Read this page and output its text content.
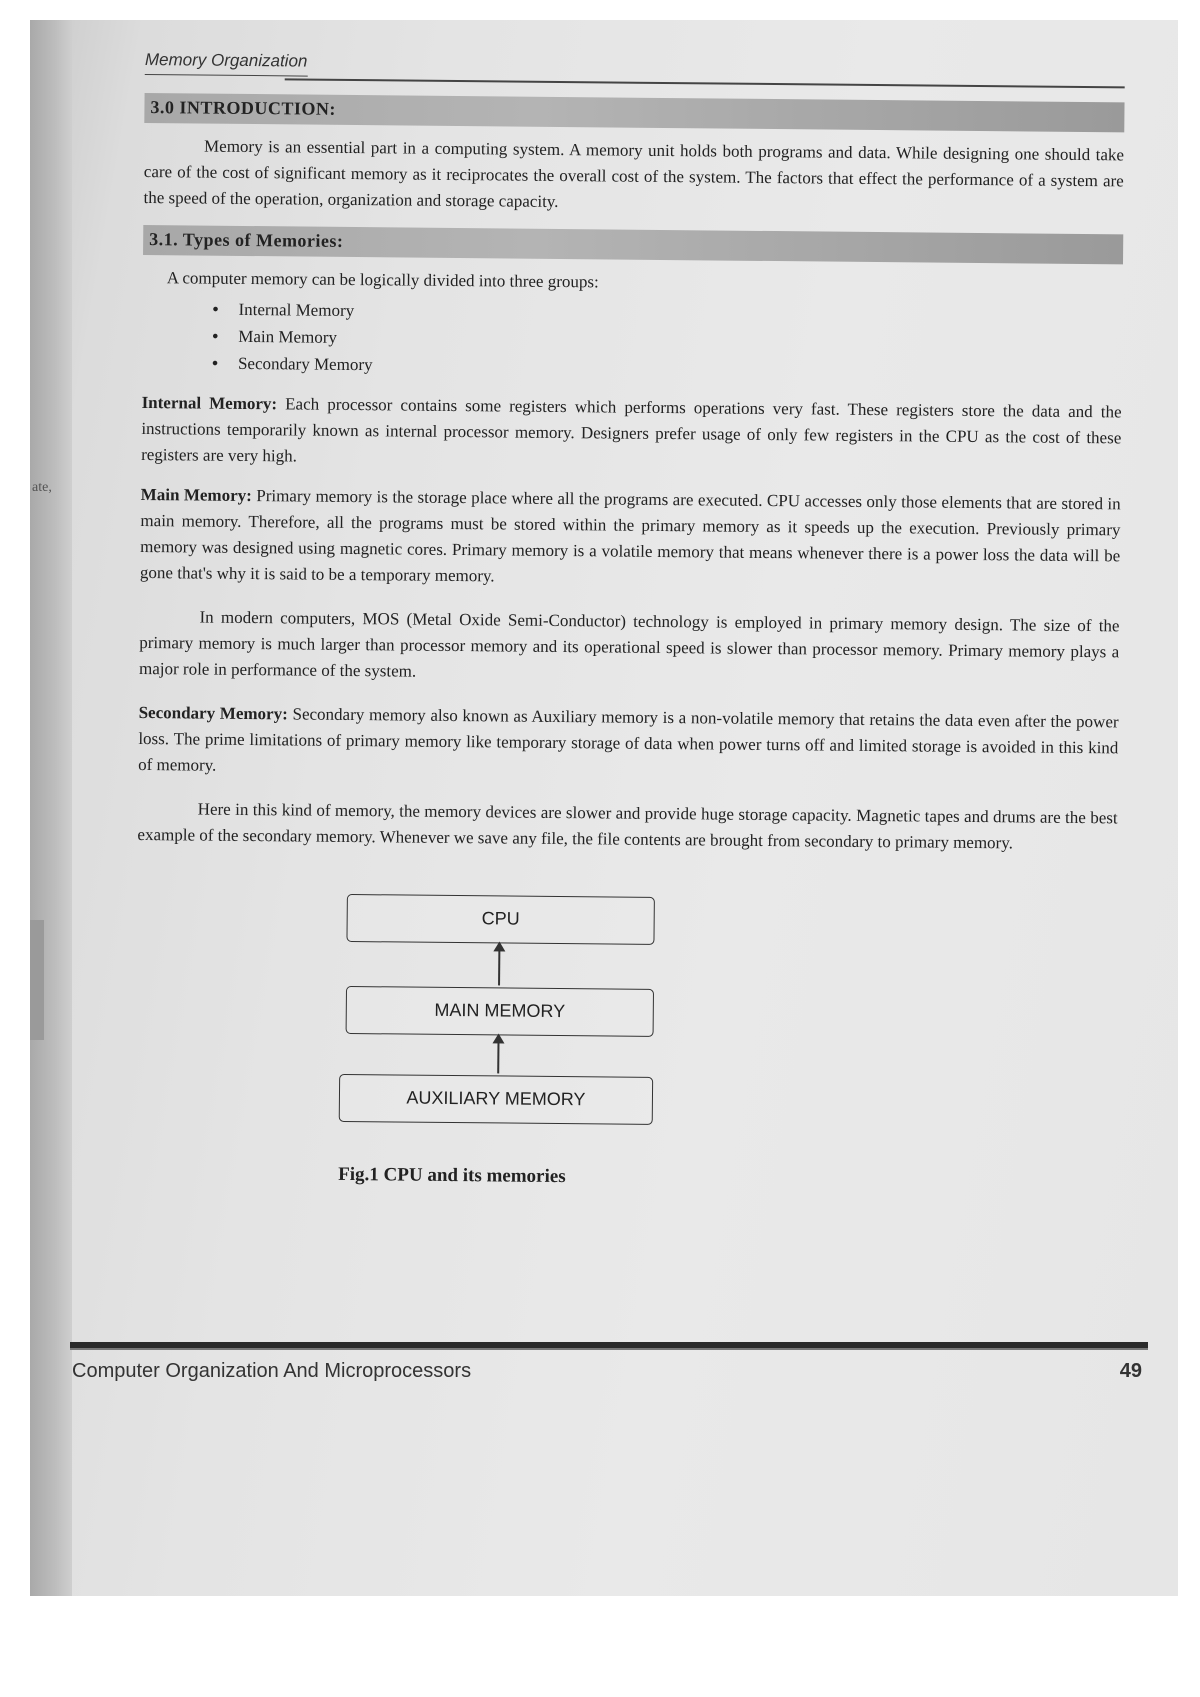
ate,
Memory Organization
3.0 INTRODUCTION:

Memory is an essential part in a computing system. A memory unit holds both programs and data. While designing one should take care of the cost of significant memory as it reciprocates the overall cost of the system. The factors that effect the performance of a system are the speed of the operation, organization and storage capacity.

3.1. Types of Memories:

A computer memory can be logically divided into three groups:

• Internal Memory
• Main Memory
• Secondary Memory

Internal Memory: Each processor contains some registers which performs operations very fast. These registers store the data and the instructions temporarily known as internal processor memory. Designers prefer usage of only few registers in the CPU as the cost of these registers are very high.

Main Memory: Primary memory is the storage place where all the programs are executed. CPU accesses only those elements that are stored in main memory. Therefore, all the programs must be stored within the primary memory as it speeds up the execution. Previously primary memory was designed using magnetic cores. Primary memory is a volatile memory that means whenever there is a power loss the data will be gone that's why it is said to be a temporary memory.

In modern computers, MOS (Metal Oxide Semi-Conductor) technology is employed in primary memory design. The size of the primary memory is much larger than processor memory and its operational speed is slower than processor memory. Primary memory plays a major role in performance of the system.

Secondary Memory: Secondary memory also known as Auxiliary memory is a non-volatile memory that retains the data even after the power loss. The prime limitations of primary memory like temporary storage of data when power turns off and limited storage is avoided in this kind of memory.

Here in this kind of memory, the memory devices are slower and provide huge storage capacity. Magnetic tapes and drums are the best example of the secondary memory. Whenever we save any file, the file contents are brought from secondary to primary memory.

CPU
MAIN MEMORY
AUXILIARY MEMORY
Fig.1 CPU and its memories
Computer Organization And Microprocessors	49
